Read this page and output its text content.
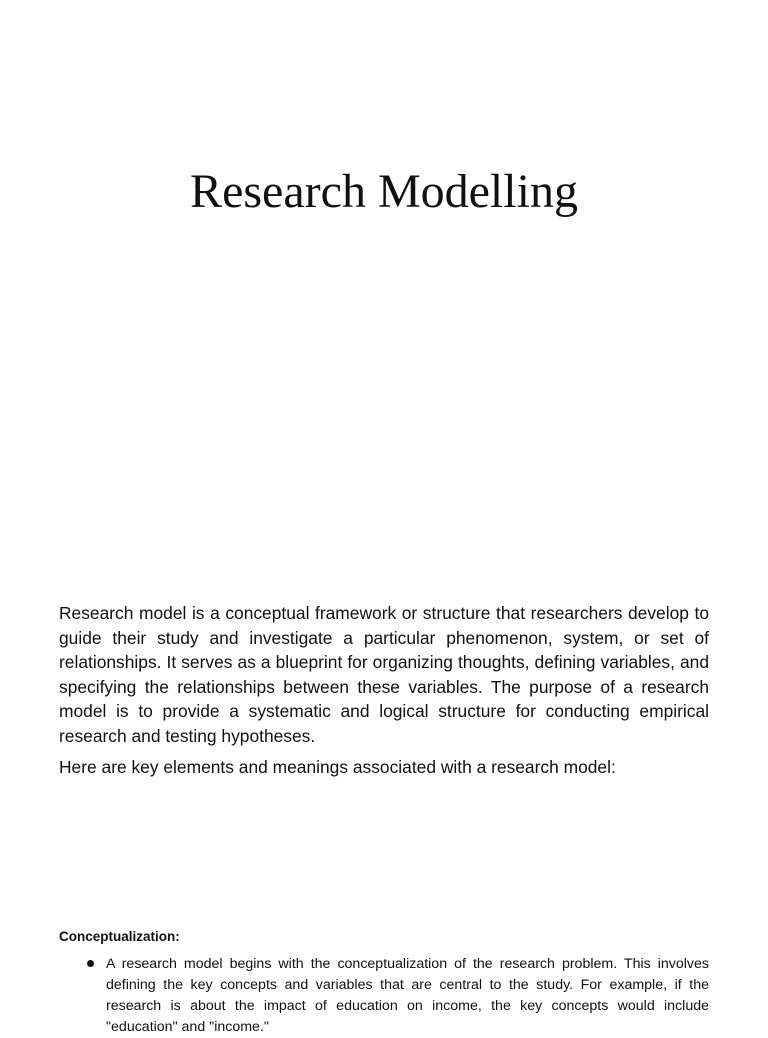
Research Modelling

Research model is a conceptual framework or structure that researchers develop to guide their study and investigate a particular phenomenon, system, or set of relationships. It serves as a blueprint for organizing thoughts, defining variables, and specifying the relationships between these variables. The purpose of a research model is to provide a systematic and logical structure for conducting empirical research and testing hypotheses.

Here are key elements and meanings associated with a research model:

Conceptualization:
A research model begins with the conceptualization of the research problem. This involves defining the key concepts and variables that are central to the study. For example, if the research is about the impact of education on income, the key concepts would include "education" and "income."
